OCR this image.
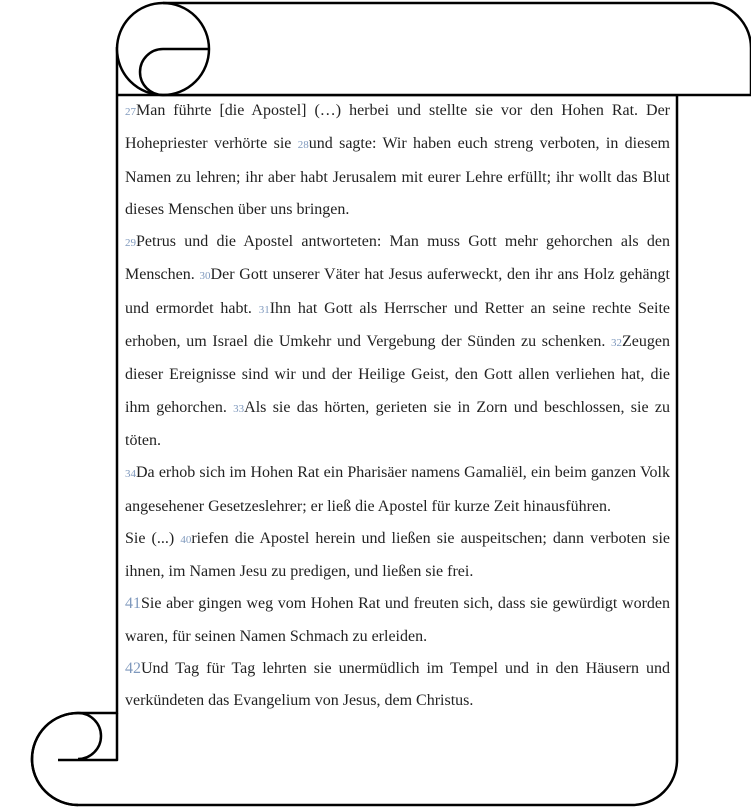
27Man führte [die Apostel] (…) herbei und stellte sie vor den Hohen Rat. Der Hohepriester verhörte sie 28und sagte: Wir haben euch streng verboten, in diesem Namen zu lehren; ihr aber habt Jerusalem mit eurer Lehre erfüllt; ihr wollt das Blut dieses Menschen über uns bringen.

29Petrus und die Apostel antworteten: Man muss Gott mehr gehorchen als den Menschen. 30Der Gott unserer Väter hat Jesus auferweckt, den ihr ans Holz gehängt und ermordet habt. 31Ihn hat Gott als Herrscher und Retter an seine rechte Seite erhoben, um Israel die Umkehr und Vergebung der Sünden zu schenken. 32Zeugen dieser Ereignisse sind wir und der Heilige Geist, den Gott allen verliehen hat, die ihm gehorchen. 33Als sie das hörten, gerieten sie in Zorn und beschlossen, sie zu töten.

34Da erhob sich im Hohen Rat ein Pharisäer namens Gamaliël, ein beim ganzen Volk angesehener Gesetzeslehrer; er ließ die Apostel für kurze Zeit hinausführen.

Sie (...) 40riefen die Apostel herein und ließen sie auspeitschen; dann verboten sie ihnen, im Namen Jesu zu predigen, und ließen sie frei.

41Sie aber gingen weg vom Hohen Rat und freuten sich, dass sie gewürdigt worden waren, für seinen Namen Schmach zu erleiden.

42Und Tag für Tag lehrten sie unermüdlich im Tempel und in den Häusern und verkündeten das Evangelium von Jesus, dem Christus.
